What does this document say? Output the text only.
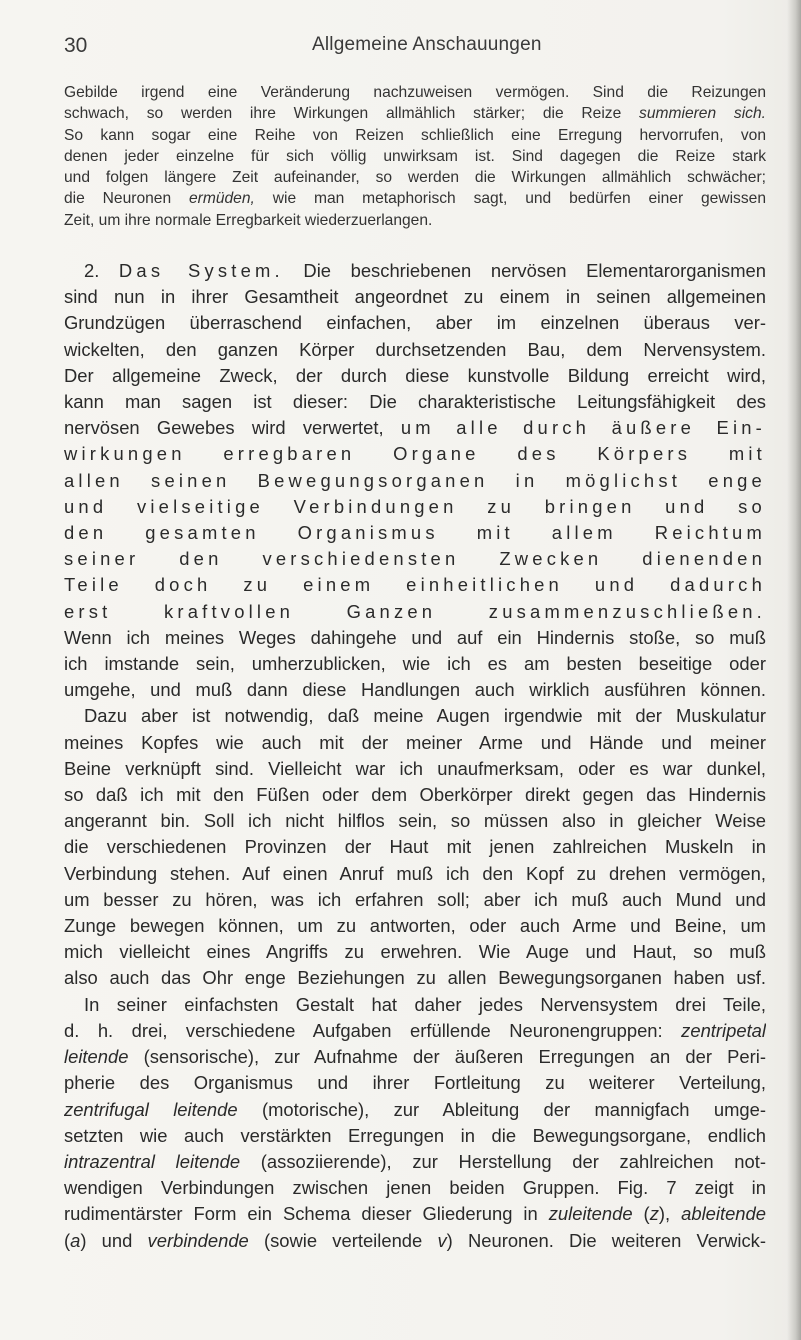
30	Allgemeine Anschauungen
Gebilde irgend eine Veränderung nachzuweisen vermögen. Sind die Reizungen
schwach, so werden ihre Wirkungen allmählich stärker; die Reize summieren sich.
So kann sogar eine Reihe von Reizen schließlich eine Erregung hervorrufen, von
denen jeder einzelne für sich völlig unwirksam ist. Sind dagegen die Reize stark
und folgen längere Zeit aufeinander, so werden die Wirkungen allmählich schwächer;
die Neuronen ermüden, wie man metaphorisch sagt, und bedürfen einer gewissen
Zeit, um ihre normale Erregbarkeit wiederzuerlangen.
2. Das System. Die beschriebenen nervösen Elementarorganismen
sind nun in ihrer Gesamtheit angeordnet zu einem in seinen allgemeinen
Grundzügen überraschend einfachen, aber im einzelnen überaus ver-
wickelten, den ganzen Körper durchsetzenden Bau, dem Nervensystem.
Der allgemeine Zweck, der durch diese kunstvolle Bildung erreicht wird,
kann man sagen ist dieser: Die charakteristische Leitungsfähigkeit des
nervösen Gewebes wird verwertet, um alle durch äußere Ein-
wirkungen erregbaren Organe des Körpers mit
allen seinen Bewegungsorganen in möglichst enge
und vielseitige Verbindungen zu bringen und so
den gesamten Organismus mit allem Reichtum
seiner den verschiedensten Zwecken dienenden
Teile doch zu einem einheitlichen und dadurch
erst kraftvollen Ganzen zusammenzuschließen.
Wenn ich meines Weges dahingehe und auf ein Hindernis stoße, so muß
ich imstande sein, umherzublicken, wie ich es am besten beseitige oder
umgehe, und muß dann diese Handlungen auch wirklich ausführen können.
Dazu aber ist notwendig, daß meine Augen irgendwie mit der Muskulatur
meines Kopfes wie auch mit der meiner Arme und Hände und meiner
Beine verknüpft sind. Vielleicht war ich unaufmerksam, oder es war dunkel,
so daß ich mit den Füßen oder dem Oberkörper direkt gegen das Hindernis
angerannt bin. Soll ich nicht hilflos sein, so müssen also in gleicher Weise
die verschiedenen Provinzen der Haut mit jenen zahlreichen Muskeln in
Verbindung stehen. Auf einen Anruf muß ich den Kopf zu drehen vermögen,
um besser zu hören, was ich erfahren soll; aber ich muß auch Mund und
Zunge bewegen können, um zu antworten, oder auch Arme und Beine, um
mich vielleicht eines Angriffs zu erwehren. Wie Auge und Haut, so muß
also auch das Ohr enge Beziehungen zu allen Bewegungsorganen haben usf.
In seiner einfachsten Gestalt hat daher jedes Nervensystem drei Teile,
d. h. drei, verschiedene Aufgaben erfüllende Neuronengruppen: zentripetal
leitende (sensorische), zur Aufnahme der äußeren Erregungen an der Peri-
pherie des Organismus und ihrer Fortleitung zu weiterer Verteilung,
zentrifugal leitende (motorische), zur Ableitung der mannigfach umge-
setzten wie auch verstärkten Erregungen in die Bewegungsorgane, endlich
intrazentral leitende (assoziierende), zur Herstellung der zahlreichen not-
wendigen Verbindungen zwischen jenen beiden Gruppen. Fig. 7 zeigt in
rudimentärster Form ein Schema dieser Gliederung in zuleitende (z), ableitende
(a) und verbindende (sowie verteilende v) Neuronen. Die weiteren Verwick-
